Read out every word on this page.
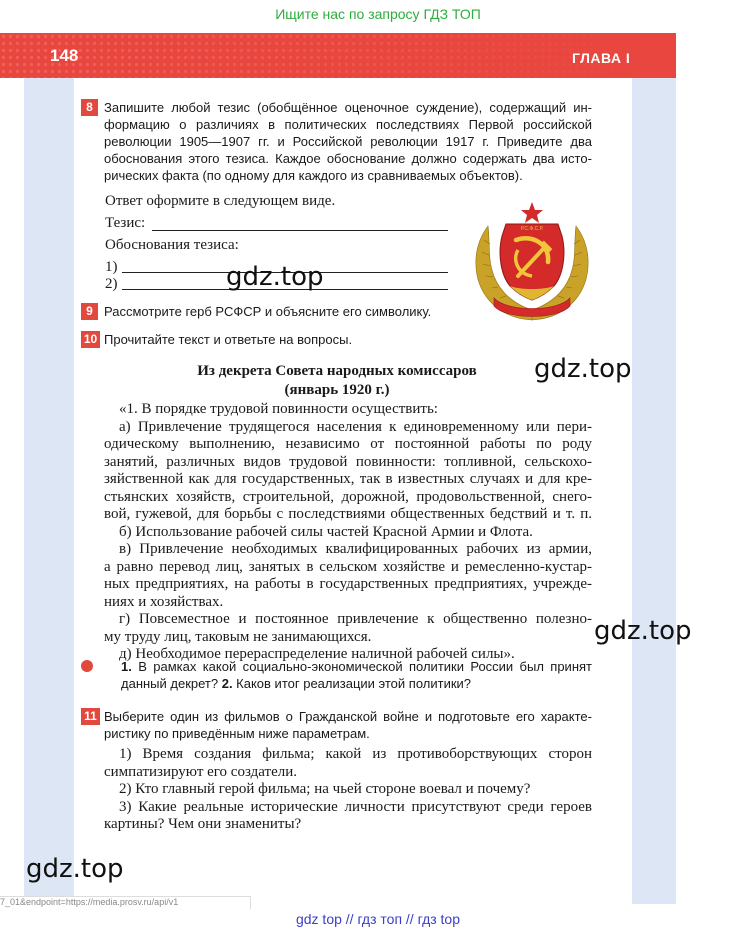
Ищите нас по запросу ГДЗ ТОП
148	ГЛАВА I
8 Запишите любой тезис (обобщённое оценочное суждение), содержащий ин-
формацию о различиях в политических последствиях Первой российской
революции 1905—1907 гг. и Российской революции 1917 г. Приведите два
обоснования этого тезиса. Каждое обоснование должно содержать два истo-
рических факта (по одному для каждого из сравниваемых объектов).
Ответ оформите в следующем виде.
Тезис:
Обоснования тезиса:
1)
2)
Р.С.Ф.С.Р.
9 Рассмотрите герб РСФСР и объясните его символику.
10 Прочитайте текст и ответьте на вопросы.
Из декрета Совета народных комиссаров
(январь 1920 г.)
«1. В порядке трудовой повинности осуществить:
а) Привлечение трудящегося населения к единовременному или пери-
одическому выполнению, независимо от постоянной работы по роду
занятий, различных видов трудовой повинности: топливной, сельскохо-
зяйственной как для государственных, так в известных случаях и для кре-
стьянских хозяйств, строительной, дорожной, продовольственной, снего-
вой, гужевой, для борьбы с последствиями общественных бедствий и т. п.
б) Использование рабочей силы частей Красной Армии и Флота.
в) Привлечение необходимых квалифицированных рабочих из армии,
а равно перевод лиц, занятых в сельском хозяйстве и ремесленно-кустар-
ных предприятиях, на работы в государственных предприятиях, учрежде-
ниях и хозяйствах.
г) Повсеместное и постоянное привлечение к общественно полезно-
му труду лиц, таковым не занимающихся.
д) Необходимое перераспределение наличной рабочей силы».
1. В рамках какой социально-экономической политики России был принят
данный декрет? 2. Каков итог реализации этой политики?
11 Выберите один из фильмов о Гражданской войне и подготовьте его характе-
ристику по приведённым ниже параметрам.
1) Время создания фильма; какой из противоборствующих сторон
симпатизируют его создатели.
2) Кто главный герой фильма; на чьей стороне воевал и почему?
3) Какие реальные исторические личности присутствуют среди героев
картины? Чем они знамениты?
gdz.top
gdz.top
gdz.top
gdz.top
7_01&endpoint=https://media.prosv.ru/api/v1
gdz top // гдз топ // гдз top
